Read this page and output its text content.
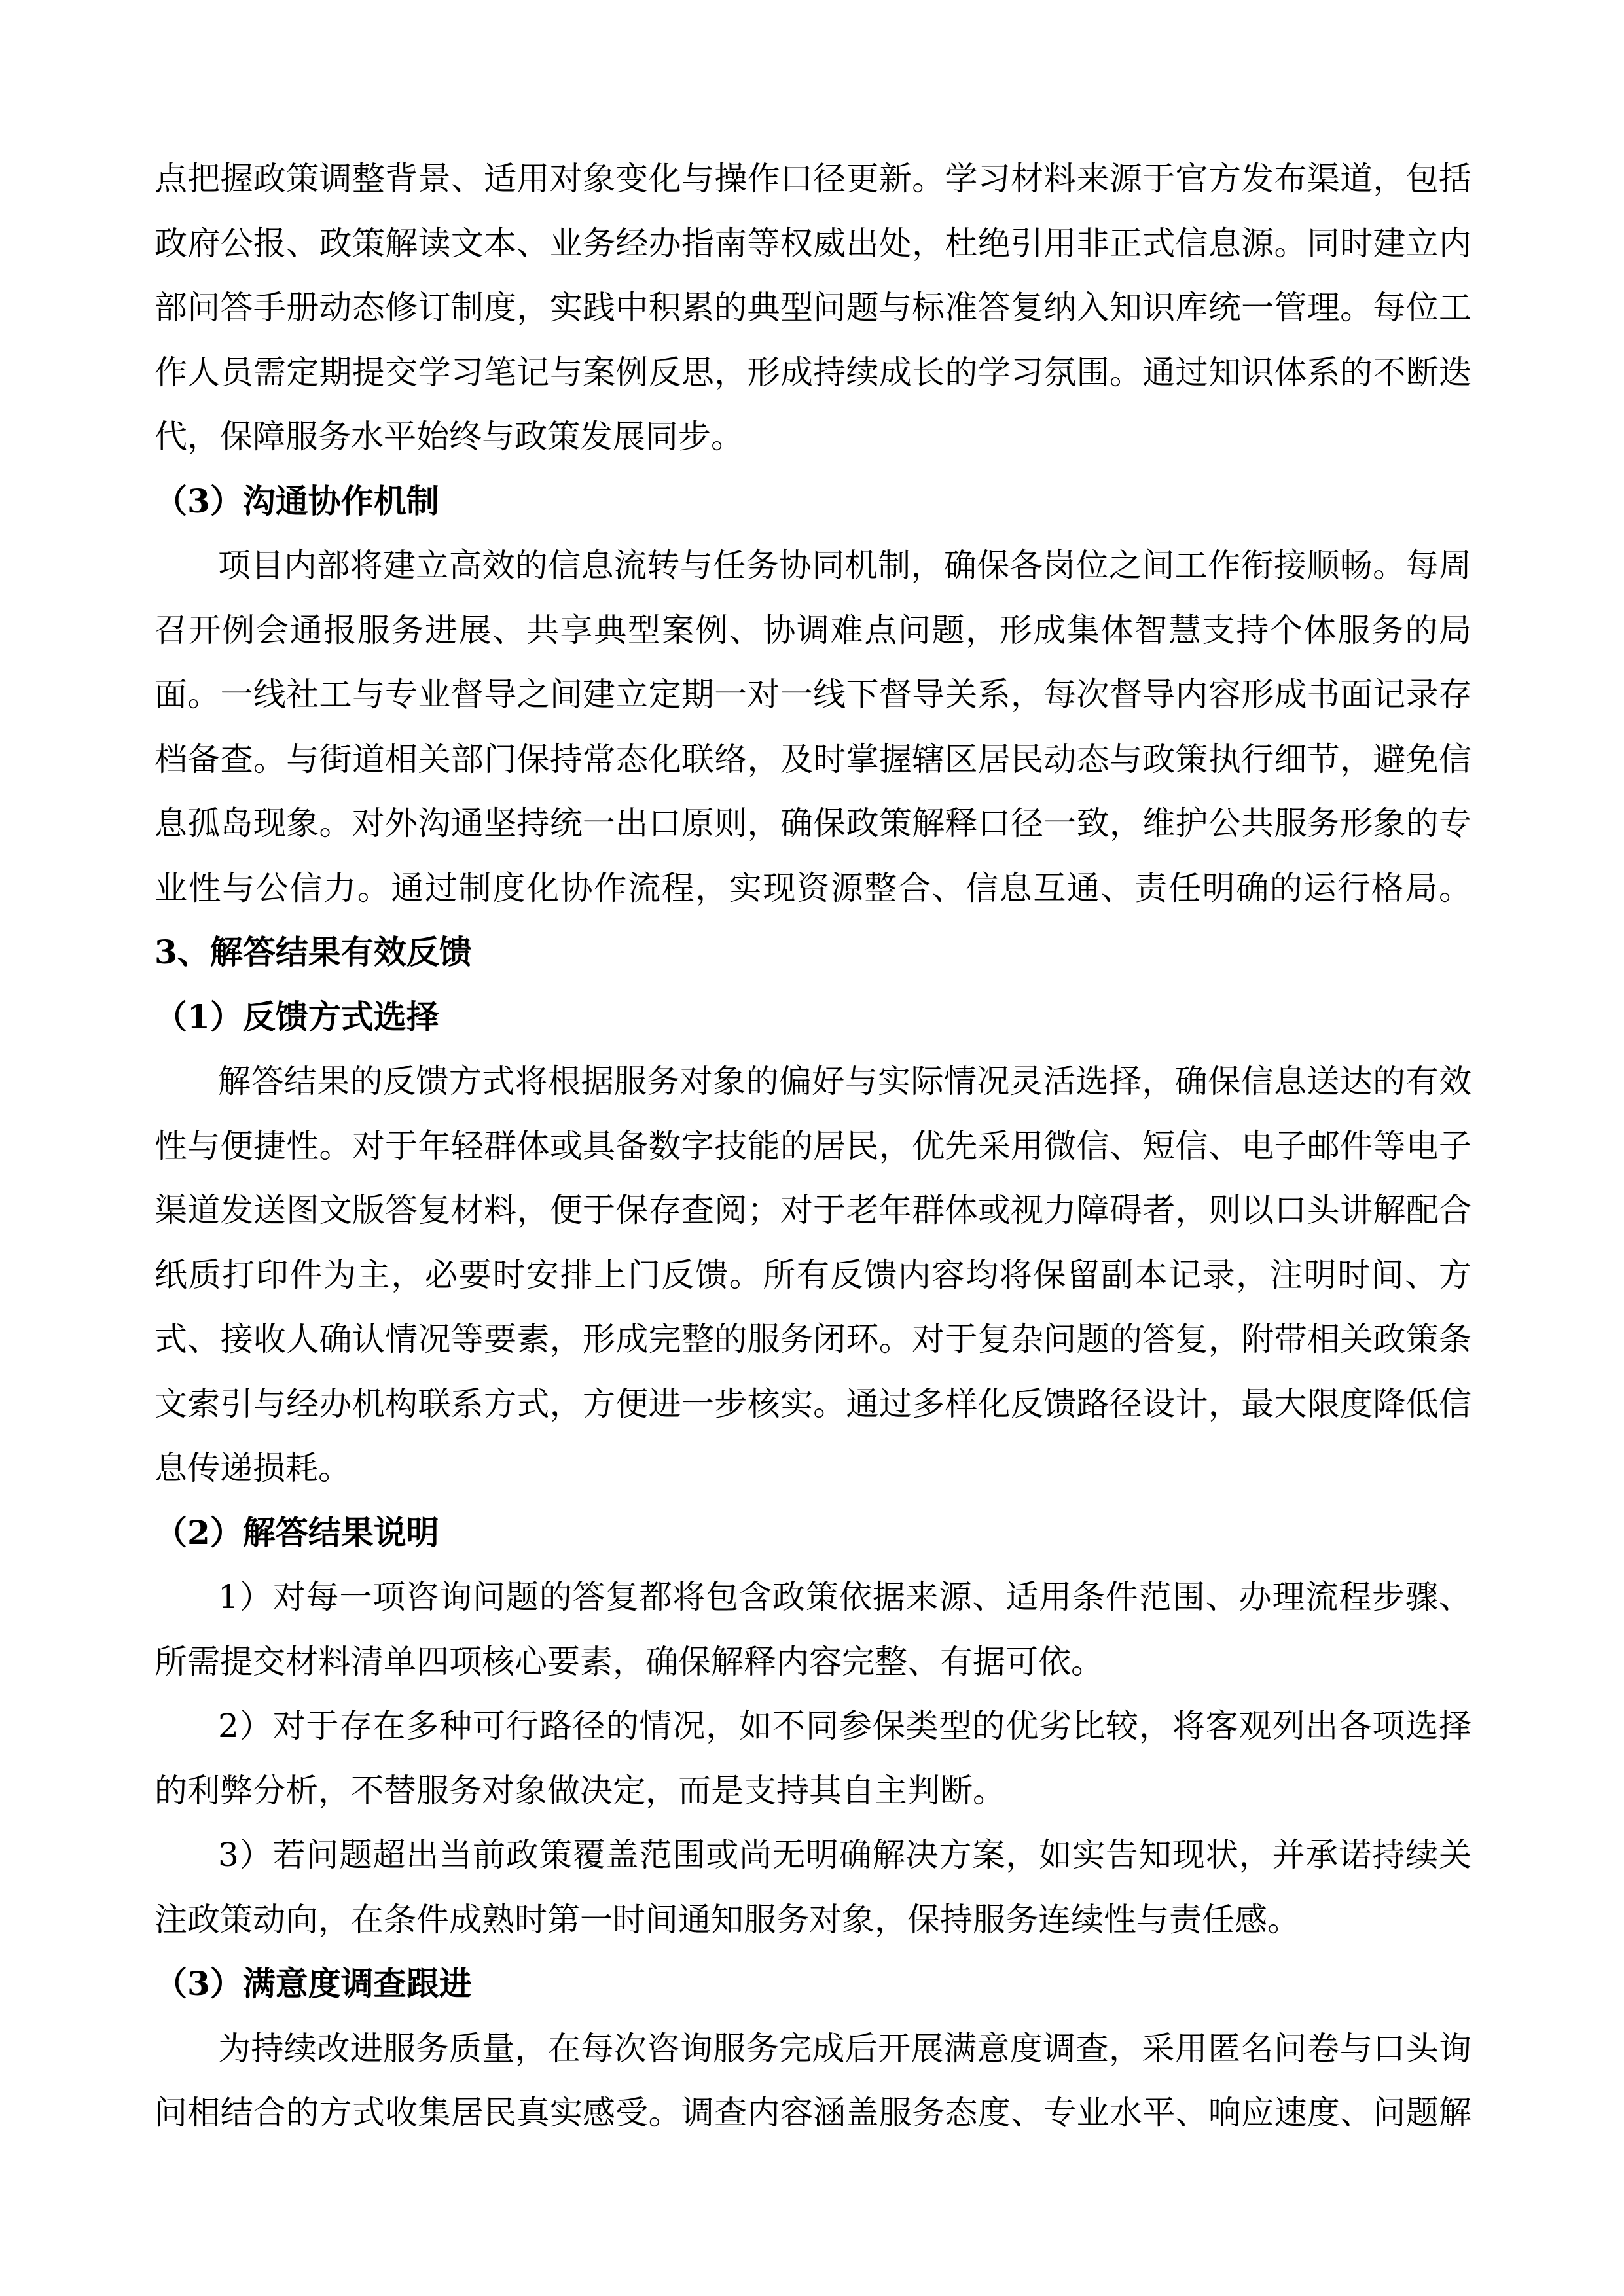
点把握政策调整背景、适用对象变化与操作口径更新。学习材料来源于官方发布渠道，包括
政府公报、政策解读文本、业务经办指南等权威出处，杜绝引用非正式信息源。同时建立内
部问答手册动态修订制度，实践中积累的典型问题与标准答复纳入知识库统一管理。每位工
作人员需定期提交学习笔记与案例反思，形成持续成长的学习氛围。通过知识体系的不断迭
代，保障服务水平始终与政策发展同步。
（3）沟通协作机制
项目内部将建立高效的信息流转与任务协同机制，确保各岗位之间工作衔接顺畅。每周
召开例会通报服务进展、共享典型案例、协调难点问题，形成集体智慧支持个体服务的局
面。一线社工与专业督导之间建立定期一对一线下督导关系，每次督导内容形成书面记录存
档备查。与街道相关部门保持常态化联络，及时掌握辖区居民动态与政策执行细节，避免信
息孤岛现象。对外沟通坚持统一出口原则，确保政策解释口径一致，维护公共服务形象的专
业性与公信力。通过制度化协作流程，实现资源整合、信息互通、责任明确的运行格局。
3、解答结果有效反馈
（1）反馈方式选择
解答结果的反馈方式将根据服务对象的偏好与实际情况灵活选择，确保信息送达的有效
性与便捷性。对于年轻群体或具备数字技能的居民，优先采用微信、短信、电子邮件等电子
渠道发送图文版答复材料，便于保存查阅；对于老年群体或视力障碍者，则以口头讲解配合
纸质打印件为主，必要时安排上门反馈。所有反馈内容均将保留副本记录，注明时间、方
式、接收人确认情况等要素，形成完整的服务闭环。对于复杂问题的答复，附带相关政策条
文索引与经办机构联系方式，方便进一步核实。通过多样化反馈路径设计，最大限度降低信
息传递损耗。
（2）解答结果说明
1）对每一项咨询问题的答复都将包含政策依据来源、适用条件范围、办理流程步骤、
所需提交材料清单四项核心要素，确保解释内容完整、有据可依。
2）对于存在多种可行路径的情况，如不同参保类型的优劣比较，将客观列出各项选择
的利弊分析，不替服务对象做决定，而是支持其自主判断。
3）若问题超出当前政策覆盖范围或尚无明确解决方案，如实告知现状，并承诺持续关
注政策动向，在条件成熟时第一时间通知服务对象，保持服务连续性与责任感。
（3）满意度调查跟进
为持续改进服务质量，在每次咨询服务完成后开展满意度调查，采用匿名问卷与口头询
问相结合的方式收集居民真实感受。调查内容涵盖服务态度、专业水平、响应速度、问题解
